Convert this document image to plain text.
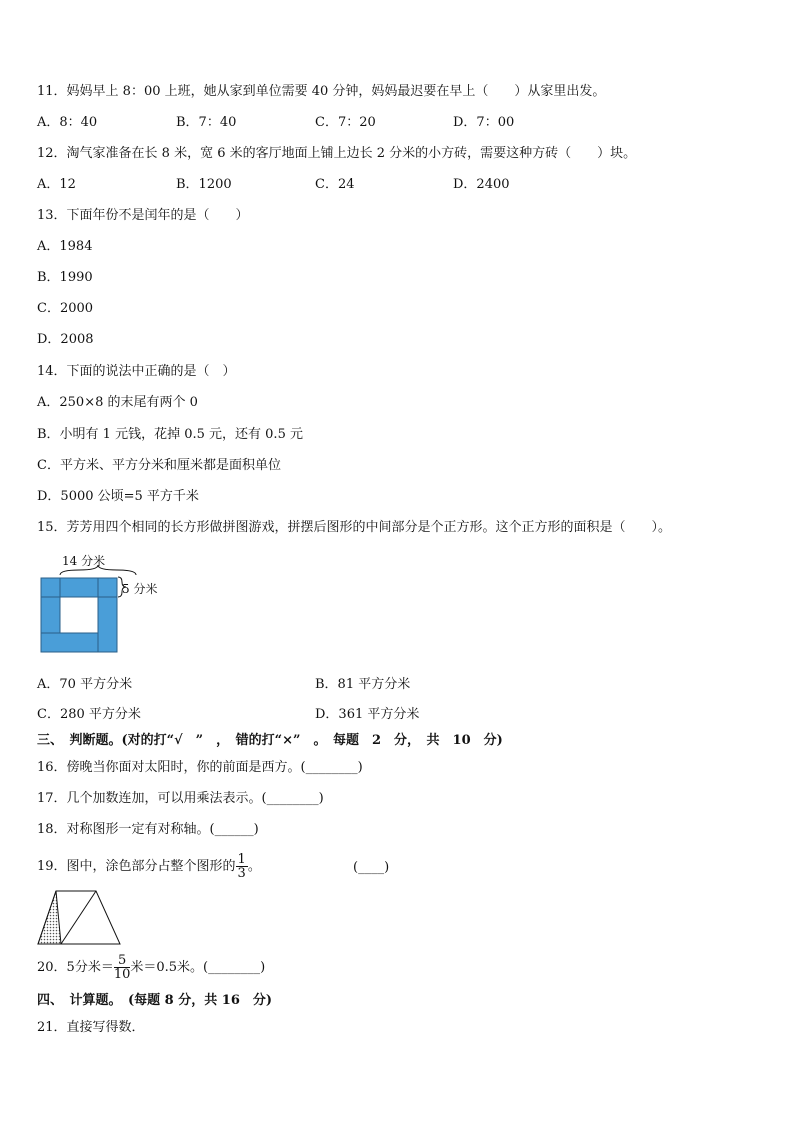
11．妈妈早上 8：00 上班，她从家到单位需要 40 分钟，妈妈最迟要在早上（　　）从家里出发。
A．8：40	B．7：40	C．7：20	D．7：00
12．淘气家准备在长 8 米，宽 6 米的客厅地面上铺上边长 2 分米的小方砖，需要这种方砖（　　）块。
A．12	B．1200	C．24	D．2400
13．下面年份不是闰年的是（　　）
A．1984
B．1990
C．2000
D．2008
14．下面的说法中正确的是（　）
A．250×8 的末尾有两个 0
B．小明有 1 元钱，花掉 0.5 元，还有 0.5 元
C．平方米、平方分米和厘米都是面积单位
D．5000 公顷=5 平方千米
15．芳芳用四个相同的长方形做拼图游戏，拼摆后图形的中间部分是个正方形。这个正方形的面积是（　　）。
14 分米
5 分米
A．70 平方分米	B．81 平方分米
C．280 平方分米	D．361 平方分米
三、　判断题。(对的打“√　”　，　错的打“×”　。　每题　2　分，　共　10　分)
16．傍晚当你面对太阳时，你的前面是西方。(________)
17．几个加数连加，可以用乘法表示。(________)
18．对称图形一定有对称轴。(______)
19．图中，涂色部分占整个图形的 $\frac{1}{3}$ 。	(____)
20．5分米＝ $\frac{5}{10}$ 米＝0.5米。(________)
四、　计算题。　(每题 8 分，共 16　分)
21．直接写得数．
